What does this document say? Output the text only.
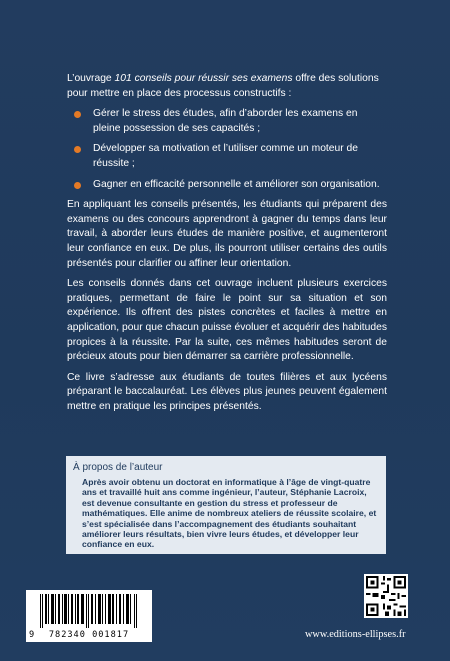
L’ouvrage 101 conseils pour réussir ses examens offre des solutions pour mettre en place des processus constructifs :

Gérer le stress des études, afin d’aborder les examens en pleine possession de ses capacités ;
Développer sa motivation et l’utiliser comme un moteur de réussite ;
Gagner en efficacité personnelle et améliorer son organisation.

En appliquant les conseils présentés, les étudiants qui préparent des examens ou des concours apprendront à gagner du temps dans leur travail, à aborder leurs études de manière positive, et augmenteront leur confiance en eux. De plus, ils pourront utiliser certains des outils présentés pour clarifier ou affiner leur orientation.

Les conseils donnés dans cet ouvrage incluent plusieurs exercices pratiques, permettant de faire le point sur sa situation et son expérience. Ils offrent des pistes concrètes et faciles à mettre en application, pour que chacun puisse évoluer et acquérir des habitudes propices à la réussite. Par la suite, ces mêmes habitudes seront de précieux atouts pour bien démarrer sa carrière professionnelle.

Ce livre s’adresse aux étudiants de toutes filières et aux lycéens préparant le baccalauréat. Les élèves plus jeunes peuvent également mettre en pratique les principes présentés.

À propos de l’auteur

Après avoir obtenu un doctorat en informatique à l’âge de vingt-quatre ans et travaillé huit ans comme ingénieur, l’auteur, Stéphanie Lacroix, est devenue consultante en gestion du stress et professeur de mathématiques. Elle anime de nombreux ateliers de réussite scolaire, et s’est spécialisée dans l’accompagnement des étudiants souhaitant améliorer leurs résultats, bien vivre leurs études, et développer leur confiance en eux.

9	782340 001817	www.editions-ellipses.fr
